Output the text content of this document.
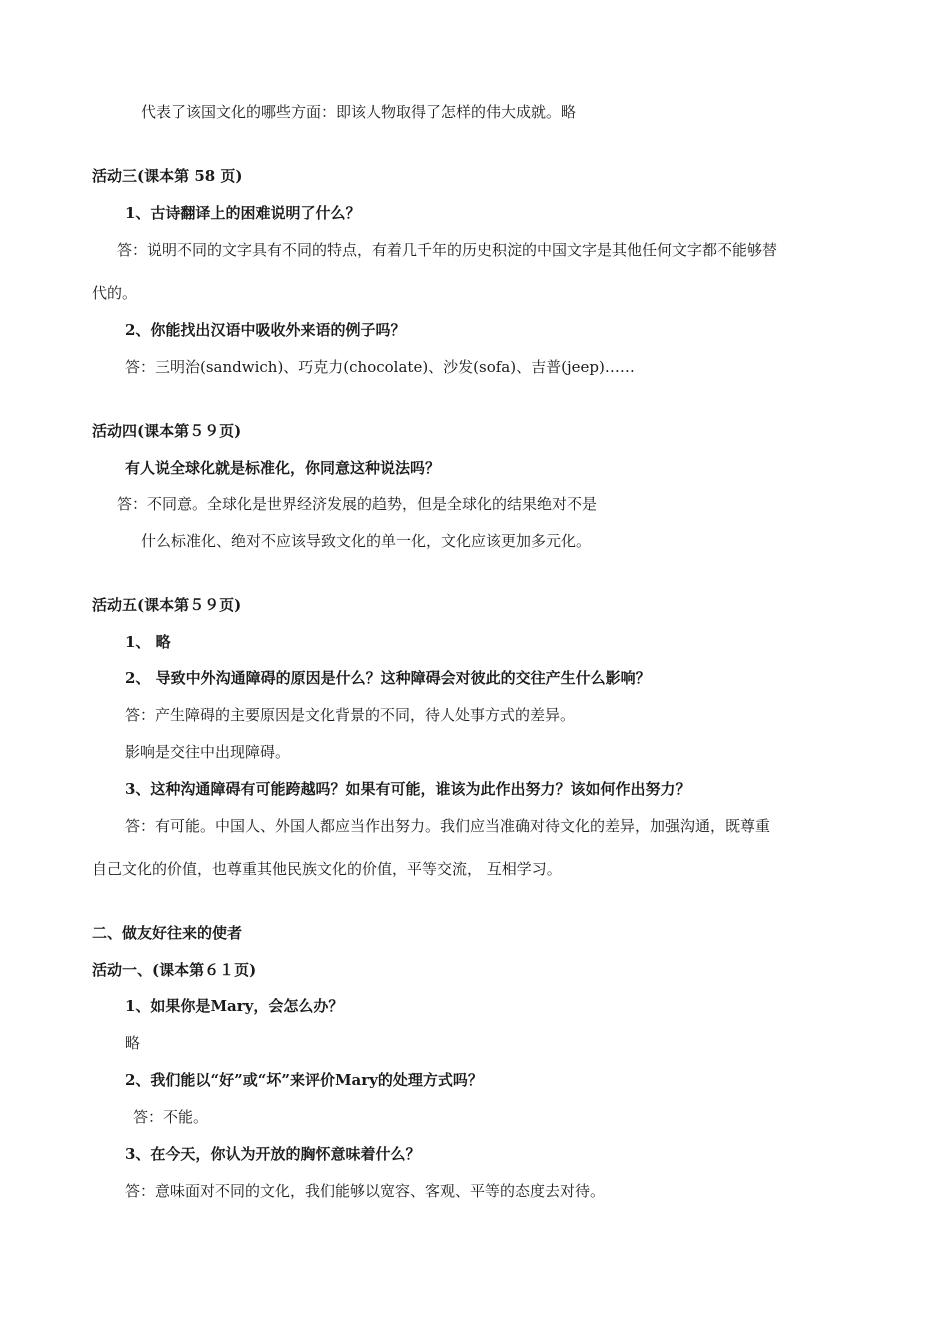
代表了该国文化的哪些方面：即该人物取得了怎样的伟大成就。略
活动三(课本第 58 页)
1、古诗翻译上的困难说明了什么？
答：说明不同的文字具有不同的特点，有着几千年的历史积淀的中国文字是其他任何文字都不能够替
代的。
2、你能找出汉语中吸收外来语的例子吗？
答：三明治(sandwich)、巧克力(chocolate)、沙发(sofa)、吉普(jeep)……
活动四(课本第５９页)
有人说全球化就是标准化，你同意这种说法吗？
答：不同意。全球化是世界经济发展的趋势，但是全球化的结果绝对不是
什么标准化、绝对不应该导致文化的单一化，文化应该更加多元化。
活动五(课本第５９页)
1、 略
2、 导致中外沟通障碍的原因是什么？这种障碍会对彼此的交往产生什么影响？
答：产生障碍的主要原因是文化背景的不同，待人处事方式的差异。
影响是交往中出现障碍。
3、这种沟通障碍有可能跨越吗？如果有可能，谁该为此作出努力？该如何作出努力？
答：有可能。中国人、外国人都应当作出努力。我们应当准确对待文化的差异，加强沟通，既尊重
自己文化的价值，也尊重其他民族文化的价值，平等交流， 互相学习。
二、做友好往来的使者
活动一、(课本第６１页)
1、如果你是Mary，会怎么办？
略
2、我们能以“好”或“坏”来评价Mary的处理方式吗？
答：不能。
3、在今天，你认为开放的胸怀意味着什么？
答：意味面对不同的文化，我们能够以宽容、客观、平等的态度去对待。
